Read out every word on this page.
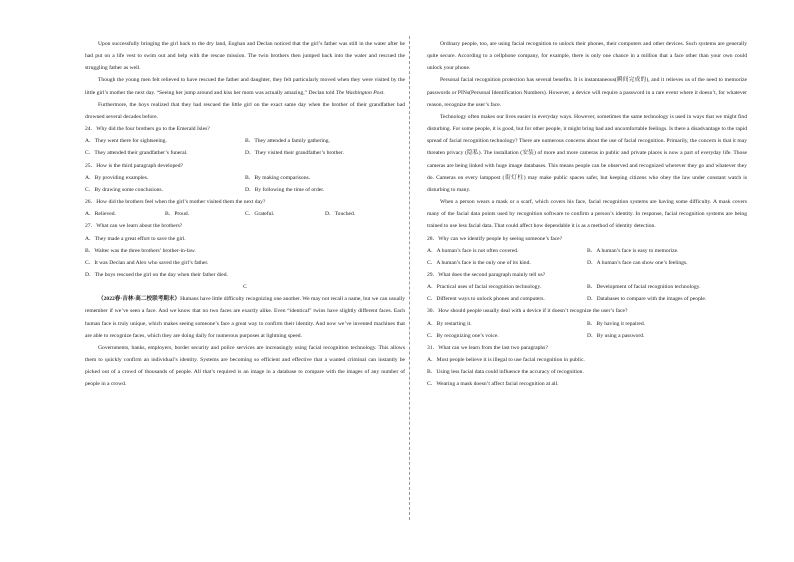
Upon successfully bringing the girl back to the dry land, Eoghan and Declan noticed that the girl’s father was still in the water after he had put on a life vest to swim out and help with the rescue mission. The twin brothers then jumped back into the water and rescued the struggling father as well.

Though the young men felt relieved to have rescued the father and daughter, they felt particularly moved when they were visited by the little girl’s mother the next day. “Seeing her jump around and kiss her mom was actually amazing,” Declan told The Washington Post.

Furthermore, the boys realized that they had rescued the little girl on the exact same day when the brother of their grandfather had drowned several decades before.

24．Why did the four brothers go to the Emerald Isles?

A．They went there for sightseeing.	B．They attended a family gathering.
C．They attended their grandfather’s funeral.	D．They visited their grandfather’s brother.

25．How is the third paragraph developed?

A．By providing examples.	B．By making comparisons.
C．By drawing some conclusions.	D．By following the time of order.

26．How did the brothers feel when the girl’s mother visited them the next day?

A．Relieved.	B．Proud.	C．Grateful.	D．Touched.

27．What can we learn about the brothers?

A．They made a great effort to save the girl.

B．Walter was the three brothers’ brother-in-law.

C．It was Declan and Alex who saved the girl’s father.

D．The boys rescued the girl on the day when their father died.

C

（2022春·吉林·高二校联考期末）Humans have little difficulty recognizing one another. We may not recall a name, but we can usually remember if we’ve seen a face. And we know that no two faces are exactly alike. Even “identical” twins have slightly different faces. Each human face is truly unique, which makes seeing someone’s face a great way to confirm their identity. And now we’ve invented machines that are able to recognize faces, which they are doing daily for numerous purposes at lightning speed.

Governments, banks, employers, border security and police services are increasingly using facial recognition technology. This allows them to quickly confirm an individual’s identity. Systems are becoming so efficient and effective that a wanted criminal can instantly be picked out of a crowd of thousands of people. All that’s required is an image in a database to compare with the images of any number of people in a crowd.

Ordinary people, too, are using facial recognition to unlock their phones, their computers and other devices. Such systems are generally quite secure. According to a cellphone company, for example, there is only one chance in a million that a face other than your own could unlock your phone.

Personal facial recognition protection has several benefits. It is instantaneous(瞬间完成的), and it relieves us of the need to memorize passwords or PINs(Personal Identification Numbers). However, a device will require a password in a rare event where it doesn’t, for whatever reason, recognize the user’s face.

Technology often makes our lives easier in everyday ways. However, sometimes the same technology is used in ways that we might find disturbing. For some people, it is good, but for other people, it might bring bad and uncomfortable feelings. Is there a disadvantage to the rapid spread of facial recognition technology? There are numerous concerns about the use of facial recognition. Primarily, the concern is that it may threaten privacy (隐私). The installation (安装) of more and more cameras in public and private places is now a part of everyday life. Those cameras are being linked with huge image databases. This means people can be observed and recognized wherever they go and whatever they do. Cameras on every lamppost (街灯柱) may make public spaces safer, but keeping citizens who obey the law under constant watch is disturbing to many.

When a person wears a mask or a scarf, which covers his face, facial recognition systems are having some difficulty. A mask covers many of the facial data points used by recognition software to confirm a person’s identity. In response, facial recognition systems are being trained to use less facial data. That could affect how dependable it is as a method of identity detection.

28．Why can we identify people by seeing someone’s face?

A．A human’s face is not often covered.	B．A human’s face is easy to memorize.
C．A human’s face is the only one of its kind.	D．A human’s face can show one’s feelings.

29．What does the second paragraph mainly tell us?

A．Practical uses of facial recognition technology.	B．Development of facial recognition technology.
C．Different ways to unlock phones and computers.	D．Databases to compare with the images of people.

30．How should people usually deal with a device if it doesn’t recognize the user’s face?

A．By restarting it.	B．By having it repaired.
C．By recognizing one’s voice.	D．By using a password.

31．What can we learn from the last two paragraphs?

A．Most people believe it is illegal to use facial recognition in public.

B．Using less facial data could influence the accuracy of recognition.

C．Wearing a mask doesn’t affect facial recognition at all.
